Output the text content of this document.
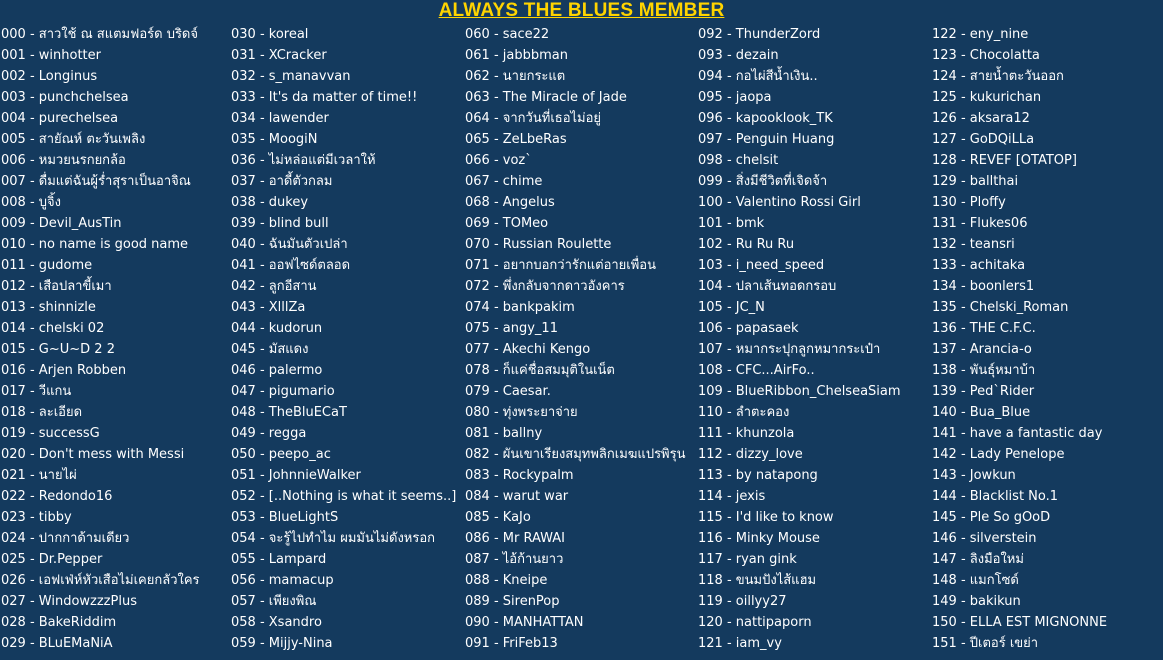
ALWAYS THE BLUES MEMBER
000 - สาวใช้ ณ สแตมฟอร์ด บริดจ์
001 - winhotter
002 - Longinus
003 - punchchelsea
004 - purechelsea
005 - สายัณห์ ตะวันเพลิง
006 - หมวยนรกยกล้อ
007 - ดื่มแต่ฉันผู้ร่ำสุราเป็นอาจิณ
008 - บูจิ้ง
009 - Devil_AusTin
010 - no name is good name
011 - gudome
012 - เสือปลาขี้เมา
013 - shinnizle
014 - chelski 02
015 - G~U~D 2 2
016 - Arjen Robben
017 - วีแกน
018 - ละเอียด
019 - successG
020 - Don't mess with Messi
021 - นายไผ่
022 - Redondo16
023 - tibby
024 - ปากกาด้ามเดียว
025 - Dr.Pepper
026 - เอฟเฟ่ห์หัวเสือไม่เคยกลัวใคร
027 - WindowzzzPlus
028 - BakeRiddim
029 - BLuEMaNiA
030 - koreal
031 - XCracker
032 - s_manavvan
033 - It's da matter of time!!
034 - lawender
035 - MoogiN
036 - ไม่หล่อแต่มีเวลาให้
037 - อาดี้ตัวกลม
038 - dukey
039 - blind bull
040 - ฉันมันตัวเปล่า
041 - ออฟไซด์ตลอด
042 - ลูกอีสาน
043 - XlllZa
044 - kudorun
045 - มัสแดง
046 - palermo
047 - pigumario
048 - TheBluECaT
049 - regga
050 - peepo_ac
051 - JohnnieWalker
052 - [..Nothing is what it seems..]
053 - BlueLightS
054 - จะรู้ไปทำไม ผมมันไม่ดังหรอก
055 - Lampard
056 - mamacup
057 - เพียงพิณ
058 - Xsandro
059 - Mijjy-Nina
060 - sace22
061 - jabbbman
062 - นายกระแต
063 - The Miracle of Jade
064 - จากวันที่เธอไม่อยู่
065 - ZeLbeRas
066 - voz`
067 - chime
068 - Angelus
069 - TOMeo
070 - Russian Roulette
071 - อยากบอกว่ารักแต่อายเพื่อน
072 - พึ่งกลับจากดาวอังคาร
074 - bankpakim
075 - angy_11
077 - Akechi Kengo
078 - ก็แค่ชื่อสมมุติในเน็ต
079 - Caesar.
080 - ทุ่งพระยาจ่าย
081 - ballny
082 - ผันเขาเรียงสมุทพลิกเมฆแปรพิรุน
083 - Rockypalm
084 - warut war
085 - KaJo
086 - Mr RAWAI
087 - ไอ้ก้านยาว
088 - Kneipe
089 - SirenPop
090 - MANHATTAN
091 - FriFeb13
092 - ThunderZord
093 - dezain
094 - กอไผ่สีน้ำเงิน..
095 - jaopa
096 - kapooklook_TK
097 - Penguin Huang
098 - chelsit
099 - สิ่งมีชีวิตที่เจิดจ้า
100 - Valentino Rossi Girl
101 - bmk
102 - Ru Ru Ru
103 - i_need_speed
104 - ปลาเส้นทอดกรอบ
105 - JC_N
106 - papasaek
107 - หมากระปุกลูกหมากระเป๋า
108 - CFC...AirFo..
109 - BlueRibbon_ChelseaSiam
110 - ลำตะคอง
111 - khunzola
112 - dizzy_love
113 - by natapong
114 - jexis
115 - I'd like to know
116 - Minky Mouse
117 - ryan gink
118 - ขนมปังไส้แฮม
119 - oillyy27
120 - nattipaporn
121 - iam_vy
122 - eny_nine
123 - Chocolatta
124 - สายน้ำตะวันออก
125 - kukurichan
126 - aksara12
127 - GoDQiLLa
128 - REVEF [OTATOP]
129 - ballthai
130 - Ploffy
131 - Flukes06
132 - teansri
133 - achitaka
134 - boonlers1
135 - Chelski_Roman
136 - THE C.F.C.
137 - Arancia-o
138 - พันธุ์หมาบ้า
139 - Ped`Rider
140 - Bua_Blue
141 - have a fantastic day
142 - Lady Penelope
143 - Jowkun
144 - Blacklist No.1
145 - Ple So gOoD
146 - silverstein
147 - ลิงมือใหม่
148 - แมกโซด์
149 - bakikun
150 - ELLA EST MIGNONNE
151 - ปีเตอร์ เขย่า
